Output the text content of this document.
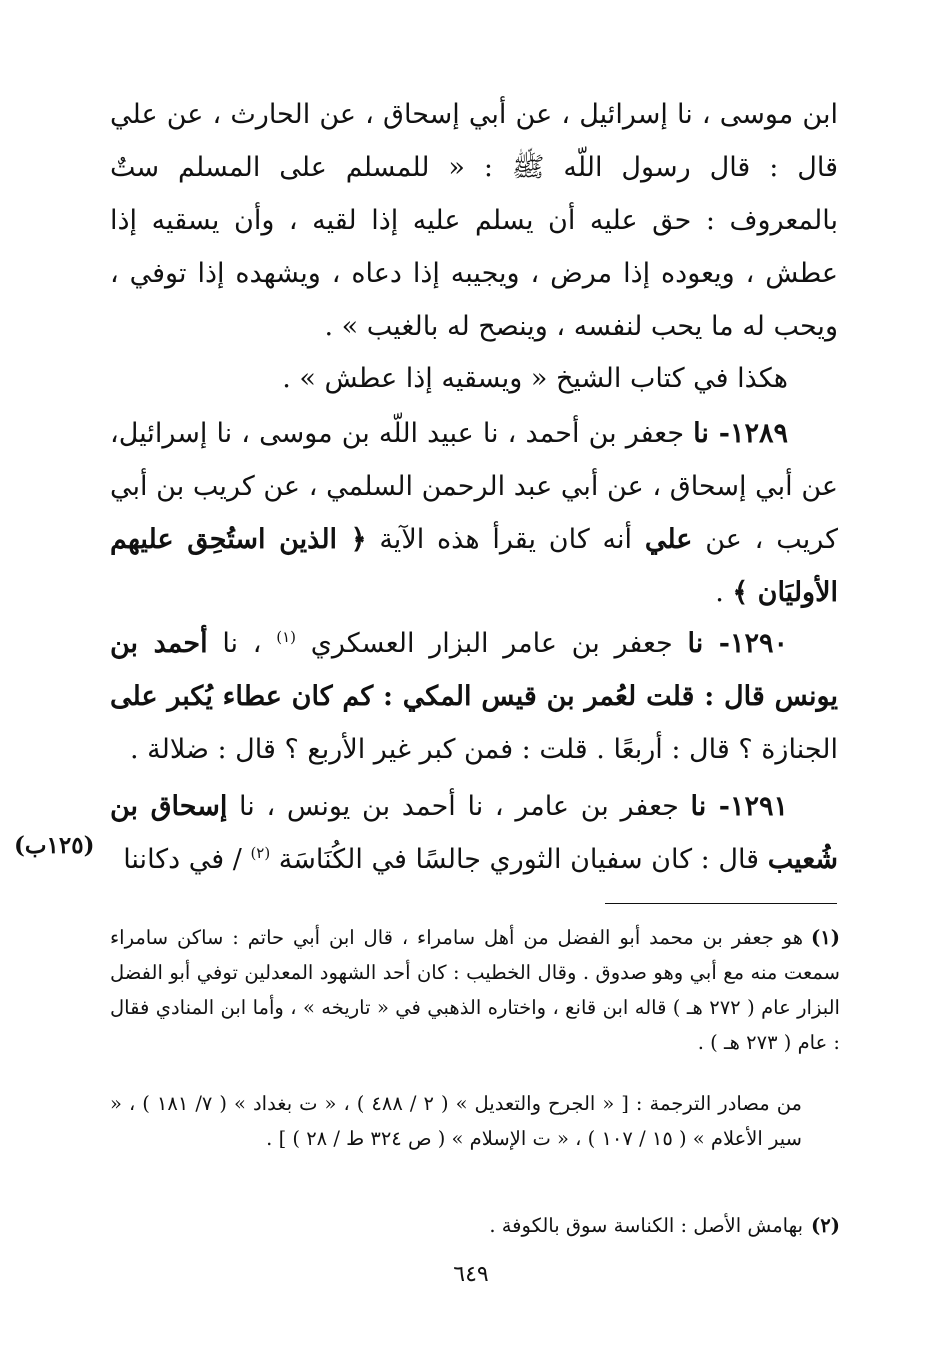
ابن موسى ، نا إسرائيل ، عن أبي إسحاق ، عن الحارث ، عن علي قال : قال رسول اللّه ﷺ : « للمسلم على المسلم ستٌ بالمعروف : حق عليه أن يسلم عليه إذا لقيه ، وأن يسقيه إذا عطش ، ويعوده إذا مرض ، ويجيبه إذا دعاه ، ويشهده إذا توفي ، ويحب له ما يحب لنفسه ، وينصح له بالغيب » .

هكذا في كتاب الشيخ « ويسقيه إذا عطش » .

١٢٨٩- نا جعفر بن أحمد ، نا عبيد اللّه بن موسى ، نا إسرائيل، عن أبي إسحاق ، عن أبي عبد الرحمن السلمي ، عن كريب بن أبي كريب ، عن علي أنه كان يقرأ هذه الآية ﴿ الذين استُحِق عليهم الأوليَان ﴾ .

١٢٩٠- نا جعفر بن عامر البزار العسكري $^{(١)}$ ، نا أحمد بن يونس قال : قلت لعُمر بن قيس المكي : كم كان عطاء يُكبر على الجنازة ؟ قال : أربعًا . قلت : فمن كبر غير الأربع ؟ قال : ضلالة .

١٢٩١- نا جعفر بن عامر ، نا أحمد بن يونس ، نا إسحاق بن شُعيب قال : كان سفيان الثوري جالسًا في الكُنَاسَة $^{(٢)}$ / في دكاننا

(١٢٥ب)
(١)هو جعفر بن محمد أبو الفضل من أهل سامراء ، قال ابن أبي حاتم : ساكن سامراء سمعت منه مع أبي وهو صدوق . وقال الخطيب : كان أحد الشهود المعدلين توفي أبو الفضل البزار عام ( ٢٧٢ هـ ) قاله ابن قانع ، واختاره الذهبي في « تاريخه » ، وأما ابن المنادي فقال : عام ( ٢٧٣ هـ ) .
من مصادر الترجمة : [ « الجرح والتعديل » ( ٢ / ٤٨٨ ) ، « ت بغداد » ( ٧/ ١٨١ ) ، « سير الأعلام » ( ١٥ / ١٠٧ ) ، « ت الإسلام » ( ص ٣٢٤ ط / ٢٨ ) ] .
(٢)بهامش الأصل : الكناسة سوق بالكوفة .
٦٤٩
